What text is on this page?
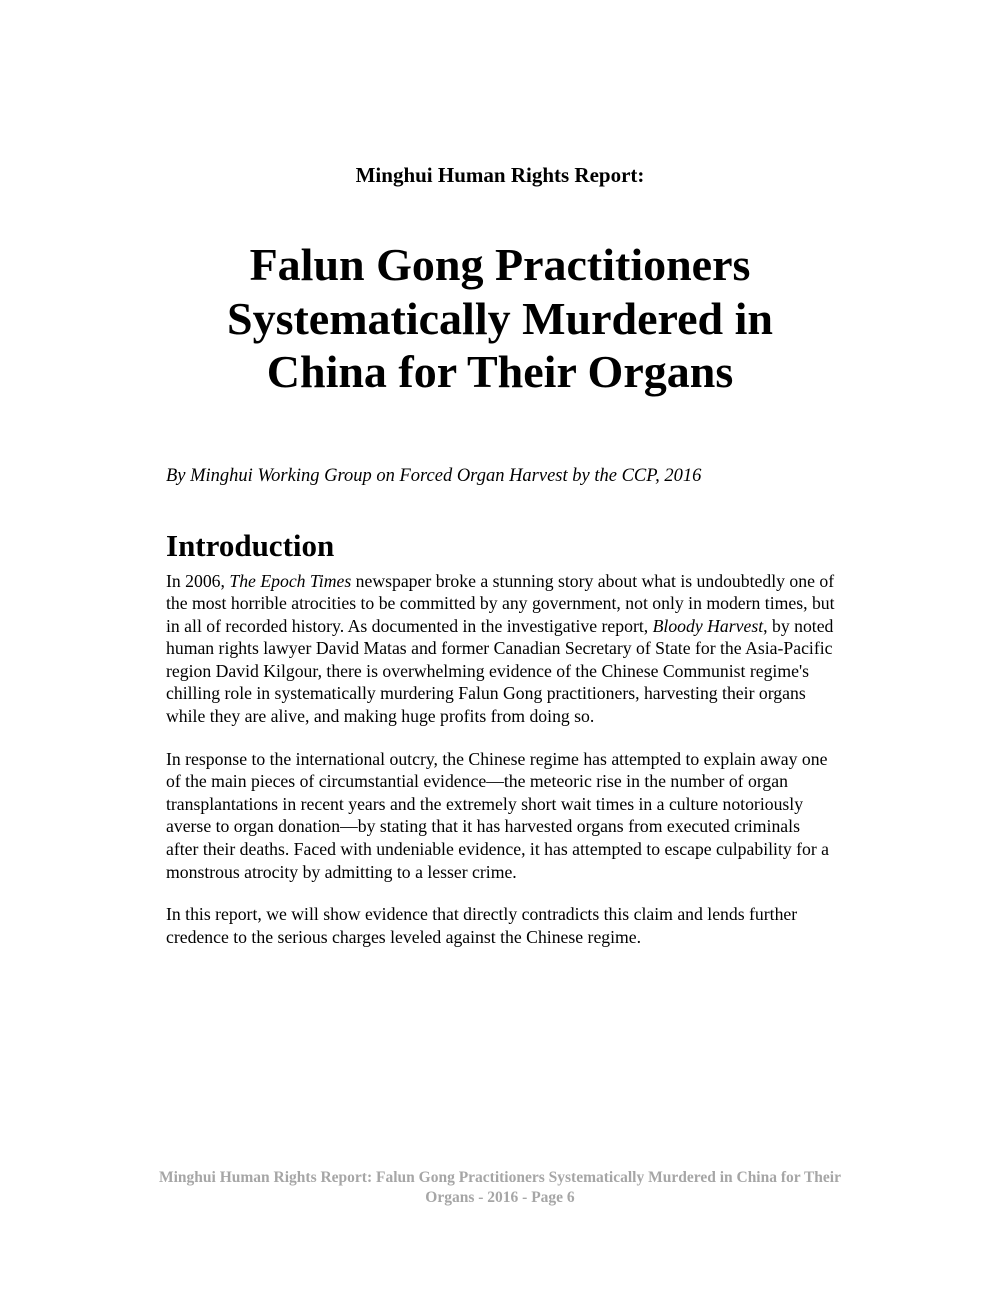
Minghui Human Rights Report:
Falun Gong Practitioners
Systematically Murdered in
China for Their Organs
By Minghui Working Group on Forced Organ Harvest by the CCP, 2016
Introduction

In 2006, The Epoch Times newspaper broke a stunning story about what is undoubtedly one of the most horrible atrocities to be committed by any government, not only in modern times, but in all of recorded history. As documented in the investigative report, Bloody Harvest, by noted human rights lawyer David Matas and former Canadian Secretary of State for the Asia-Pacific region David Kilgour, there is overwhelming evidence of the Chinese Communist regime's chilling role in systematically murdering Falun Gong practitioners, harvesting their organs while they are alive, and making huge profits from doing so.

In response to the international outcry, the Chinese regime has attempted to explain away one of the main pieces of circumstantial evidence—the meteoric rise in the number of organ transplantations in recent years and the extremely short wait times in a culture notoriously averse to organ donation—by stating that it has harvested organs from executed criminals after their deaths. Faced with undeniable evidence, it has attempted to escape culpability for a monstrous atrocity by admitting to a lesser crime.

In this report, we will show evidence that directly contradicts this claim and lends further credence to the serious charges leveled against the Chinese regime.

Minghui Human Rights Report: Falun Gong Practitioners Systematically Murdered in China for Their
Organs - 2016 - Page 6
